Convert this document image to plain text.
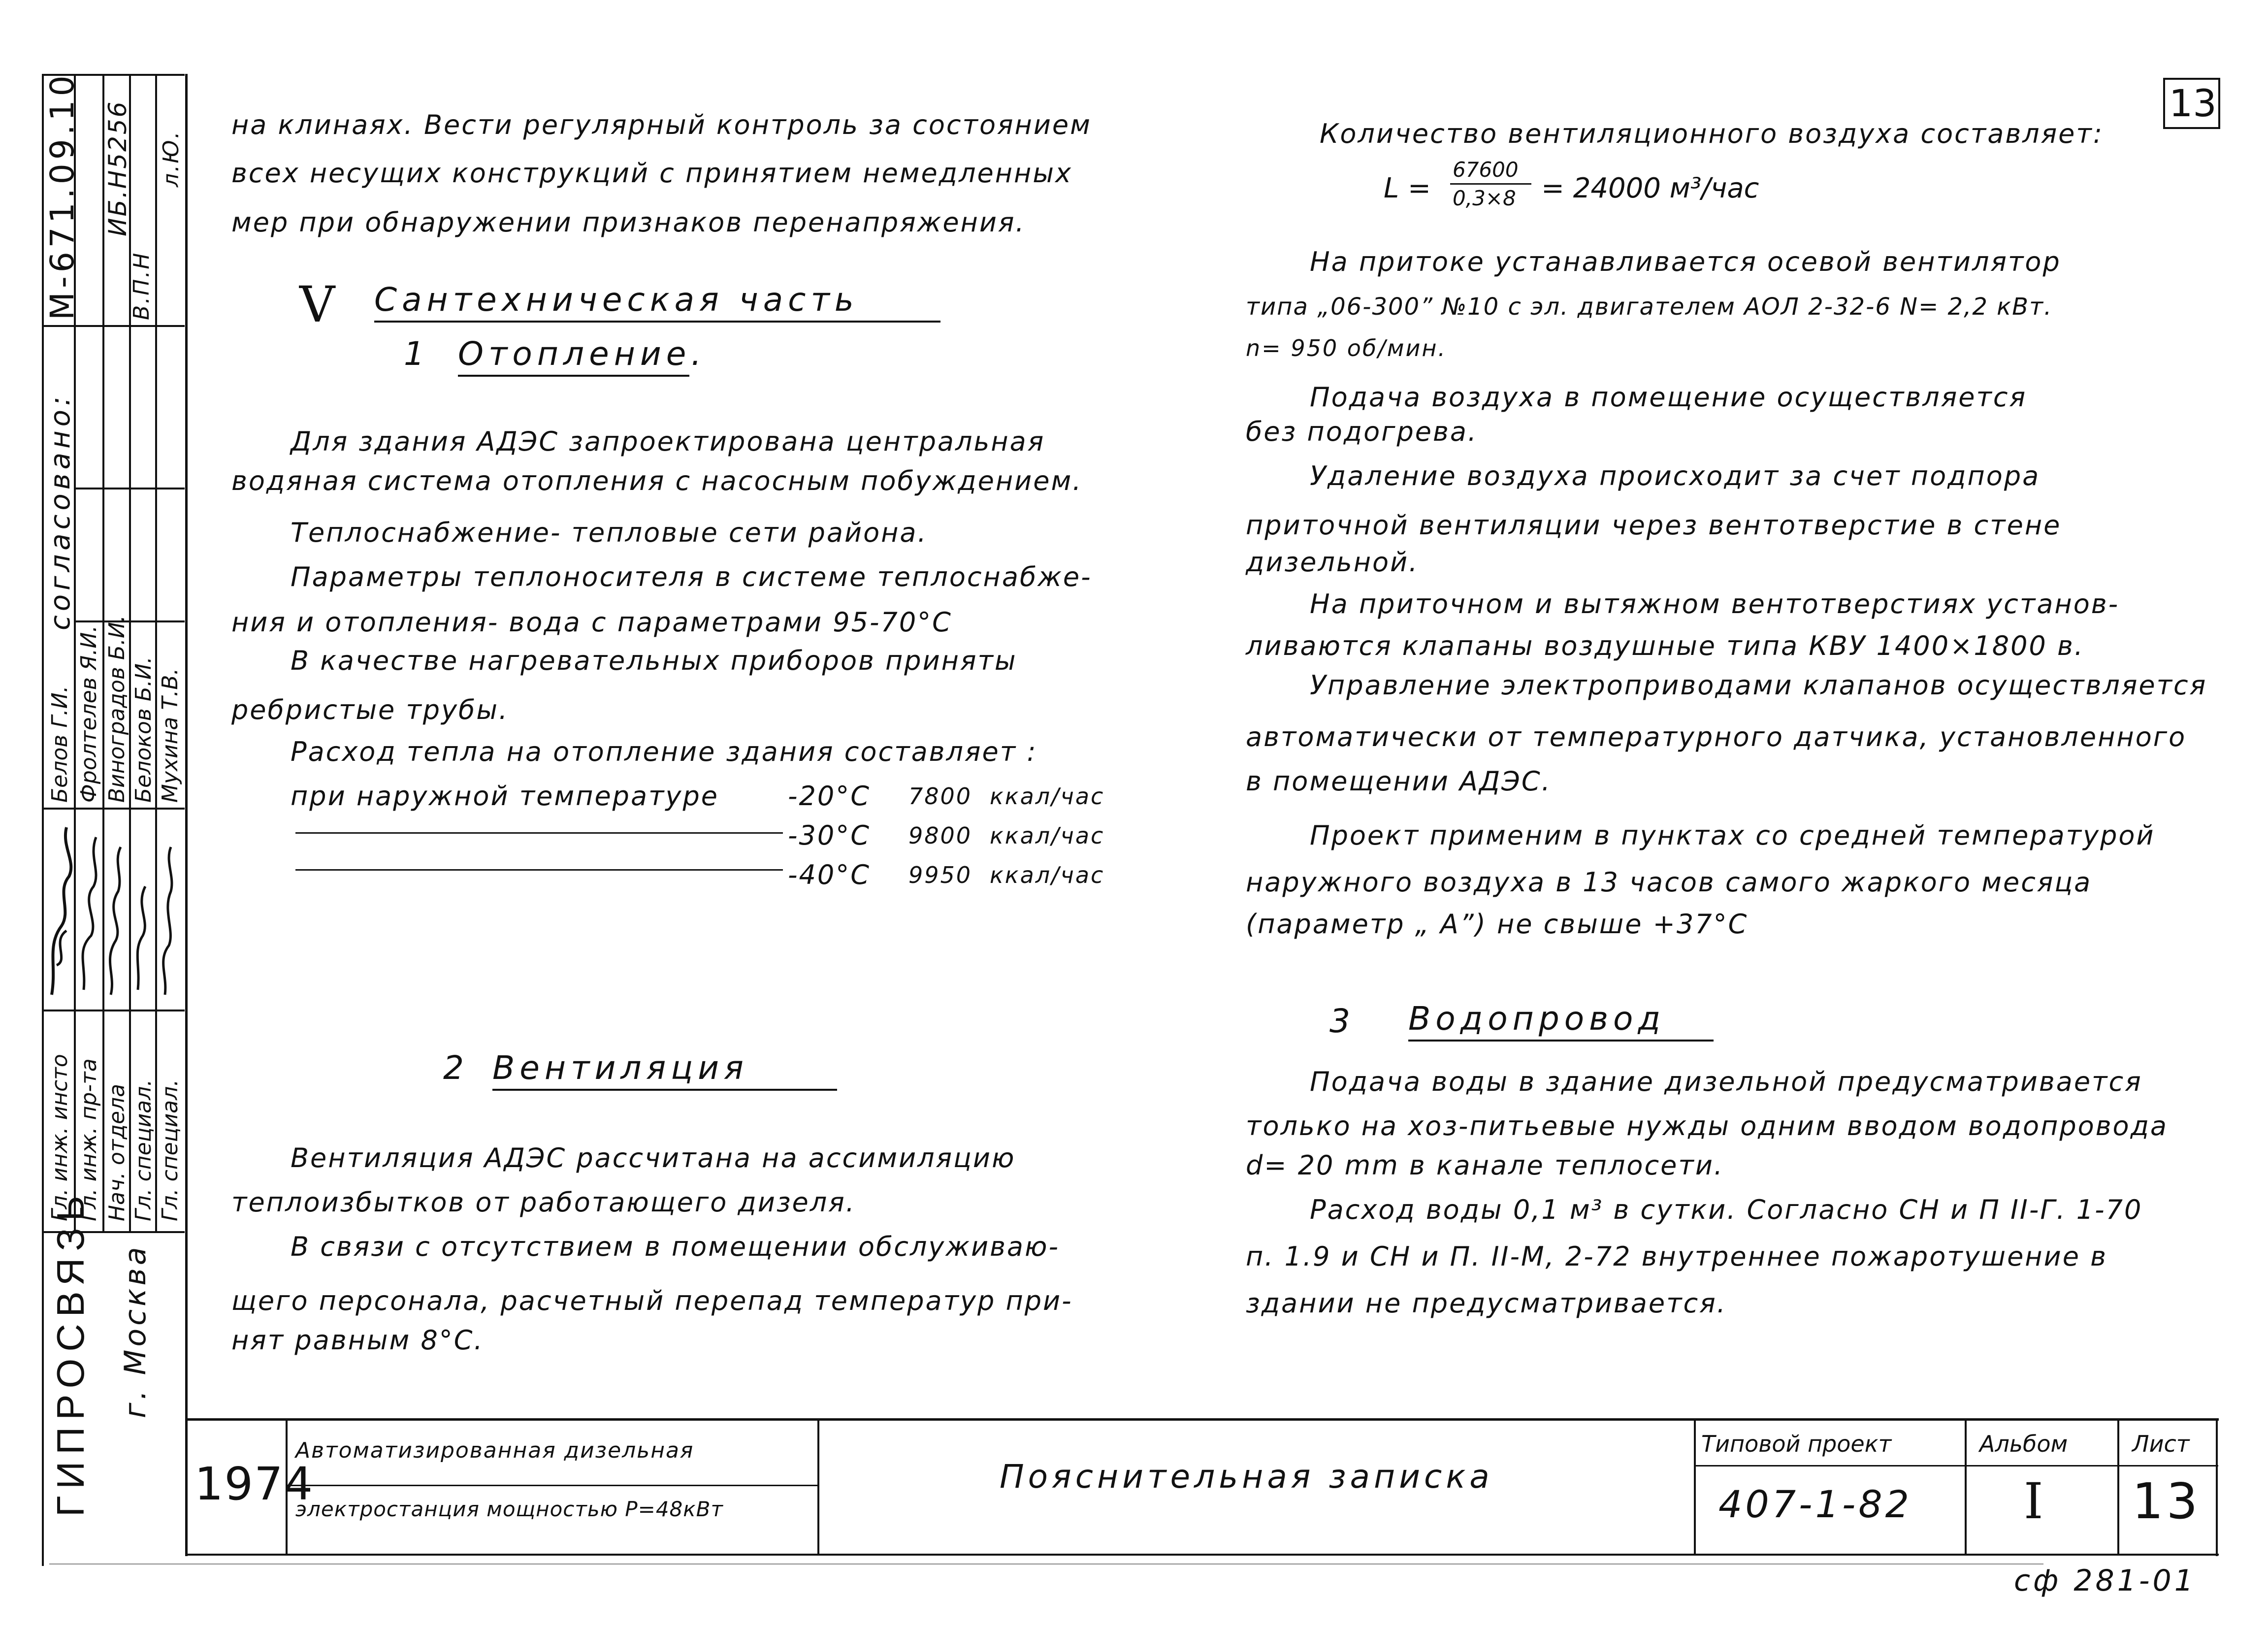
ГИПРОСВЯЗЬ г. Москва
М-671.09.10 ИБ.Н5256
согласовано:
В.П.Н
л.Ю.
Гл. инж. инсто Гл. инж. пр-та Нач. отдела Гл. специал. Гл. специал.
Белов Г.И. Фролтелев Я.И. Виноградов Б.И. Белоков Б.И. Мухина Т.В.
13
на клинаях. Вести регулярный контроль за состоянием
всех несущих конструкций с принятием немедленных
мер при обнаружении признаков перенапряжения.
V Сантехническая часть
1 Отопление.
Для здания АДЭС запроектирована центральная
водяная система отопления с насосным побуждением.
Теплоснабжение- тепловые сети района.
Параметры теплоносителя в системе теплоснабже-
ния и отопления- вода с параметрами 95-70°С
В качестве нагревательных приборов приняты
ребристые трубы.
Расход тепла на отопление здания составляет :
при наружной температуре	-20°С 7800 ккал/час
-30°С 9800 ккал/час
-40°С 9950 ккал/час
2 Вентиляция
Вентиляция АДЭС рассчитана на ассимиляцию
теплоизбытков от работающего дизеля.
В связи с отсутствием в помещении обслуживаю-
щего персонала, расчетный перепад температур при-
нят равным 8°С.
Количество вентиляционного воздуха составляет:
L =
67600
0,3×8 = 24000 м³/час
На притоке устанавливается осевой вентилятор
типа „06-300” №10 с эл. двигателем АОЛ 2-32-6 N= 2,2 кВт.
n= 950 об/мин.
Подача воздуха в помещение осуществляется
без подогрева.
Удаление воздуха происходит за счет подпора
приточной вентиляции через вентотверстие в стене
дизельной.
На приточном и вытяжном вентотверстиях установ-
ливаются клапаны воздушные типа КВУ 1400×1800 в.
Управление электроприводами клапанов осуществляется
автоматически от температурного датчика, установленного
в помещении АДЭС.
Проект применим в пунктах со средней температурой
наружного воздуха в 13 часов самого жаркого месяца
(параметр „ А”) не свыше +37°С
3 Водопровод
Подача воды в здание дизельной предусматривается
только на хоз-питьевые нужды одним вводом водопровода
d= 20 mm в канале теплосети.
Расход воды 0,1 м³ в сутки. Согласно СН и П II-Г. 1-70
п. 1.9 и СН и П. II-М, 2-72 внутреннее пожаротушение в
здании не предусматривается.
1974
Автоматизированная дизельная
электростанция мощностью Р=48кВт
Пояснительная записка
Типовой проект
407-1-82
Альбом
I
Лист
13
сф 281-01
